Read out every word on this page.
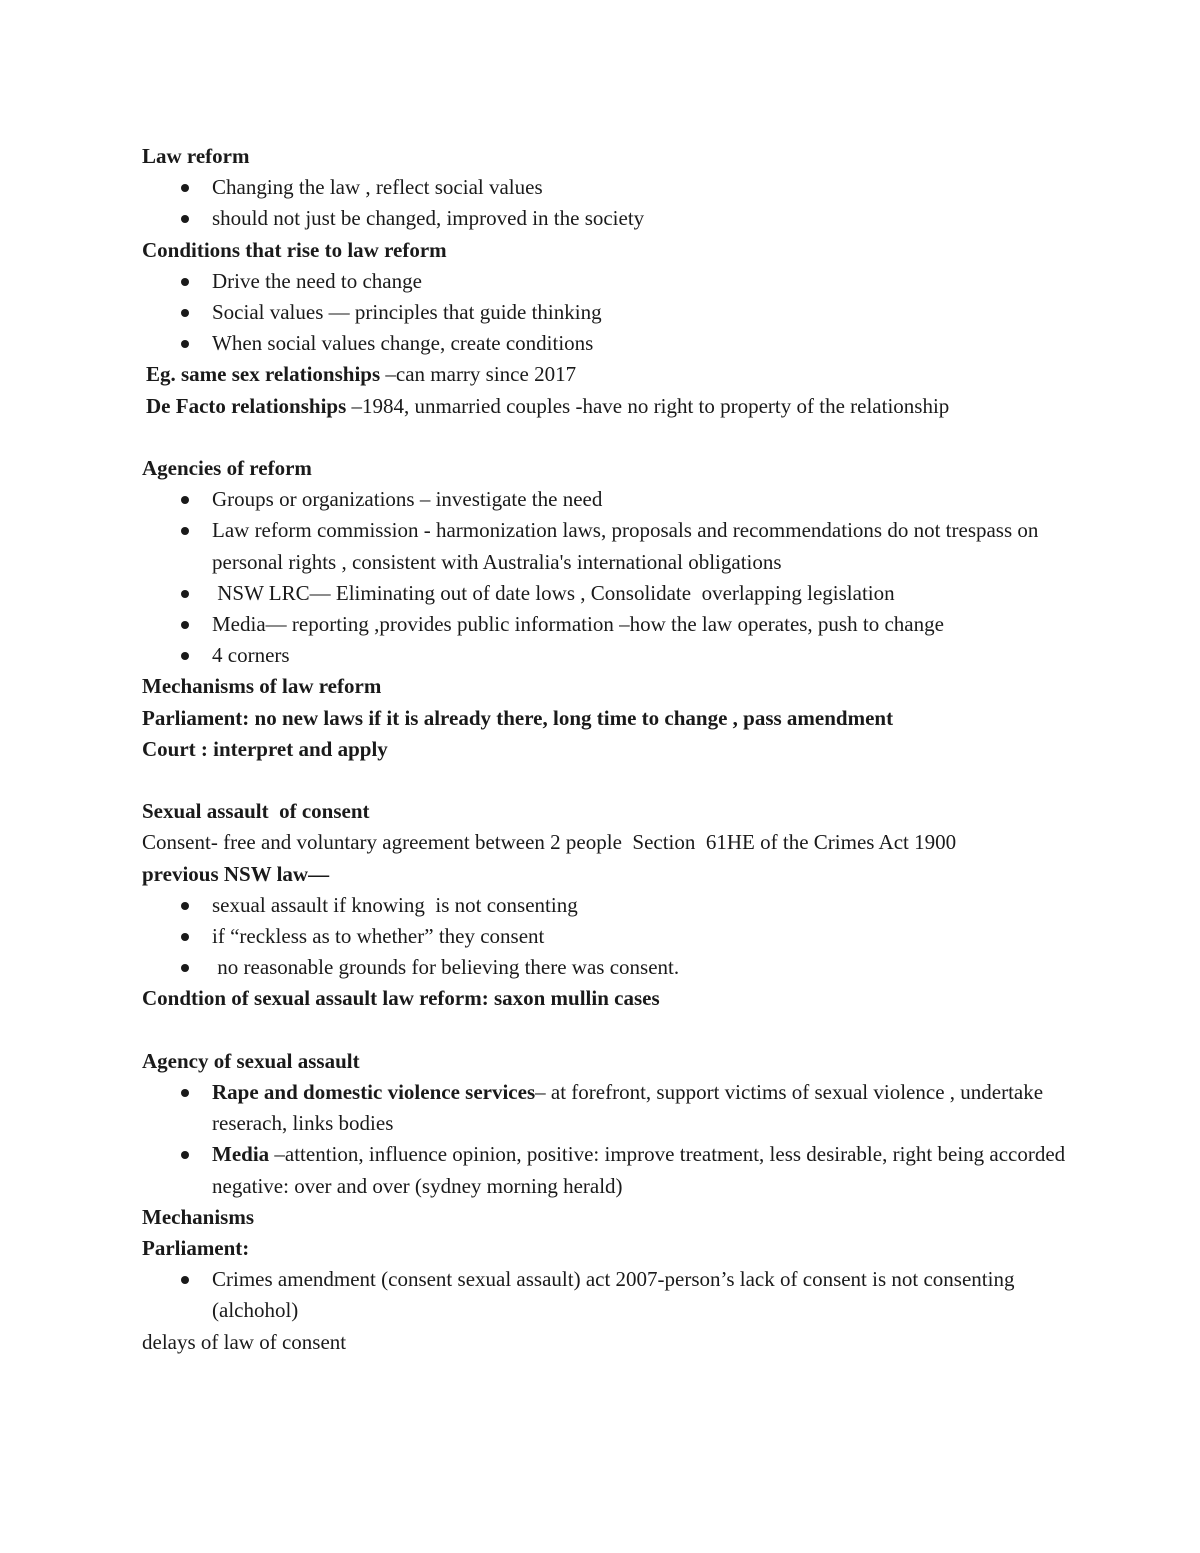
Law reform
Changing the law , reflect social values
should not just be changed, improved in the society
Conditions that rise to law reform
Drive the need to change
Social values — principles that guide thinking
When social values change, create conditions
Eg. same sex relationships –can marry since 2017
De Facto relationships –1984, unmarried couples -have no right to property of the relationship
Agencies of reform
Groups or organizations – investigate the need
Law reform commission - harmonization laws, proposals and recommendations do not trespass on personal rights , consistent with Australia's international obligations
NSW LRC— Eliminating out of date lows , Consolidate  overlapping legislation
Media— reporting ,provides public information –how the law operates, push to change
4 corners
Mechanisms of law reform
Parliament: no new laws if it is already there, long time to change , pass amendment
Court : interpret and apply
Sexual assault  of consent
Consent- free and voluntary agreement between 2 people  Section  61HE of the Crimes Act 1900
previous NSW law—
sexual assault if knowing  is not consenting
if “reckless as to whether” they consent
no reasonable grounds for believing there was consent.
Condtion of sexual assault law reform: saxon mullin cases
Agency of sexual assault
Rape and domestic violence services– at forefront, support victims of sexual violence , undertake reserach, links bodies
Media –attention, influence opinion, positive: improve treatment, less desirable, right being accorded negative: over and over (sydney morning herald)
Mechanisms
Parliament:
Crimes amendment (consent sexual assault) act 2007-person’s lack of consent is not consenting (alchohol)
delays of law of consent
